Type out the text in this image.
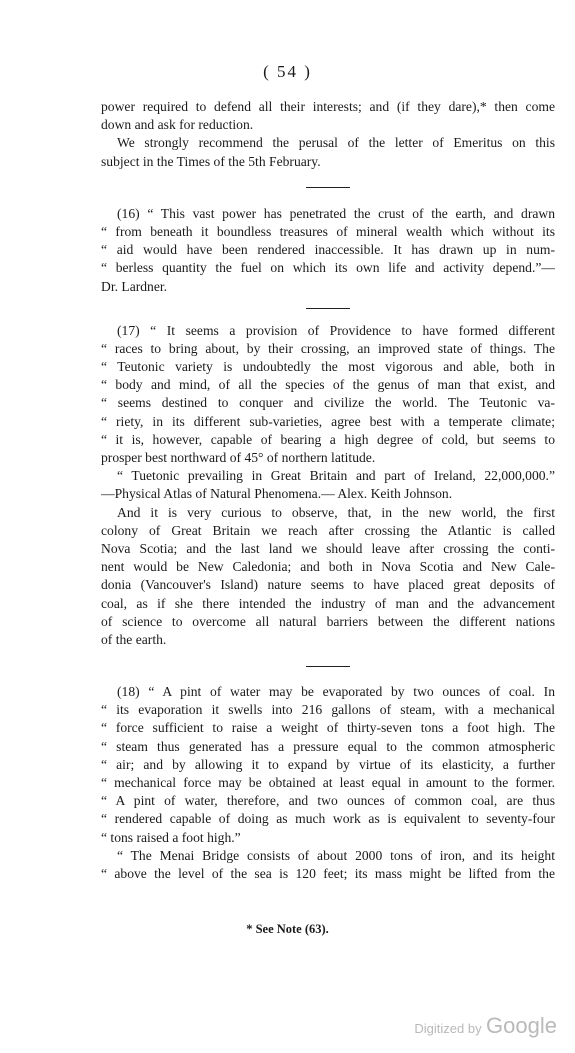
( 54 )
power required to defend all their interests; and (if they dare),* then come
down and ask for reduction.
We strongly recommend the perusal of the letter of Emeritus on this
subject in the Times of the 5th February.
(16) “ This vast power has penetrated the crust of the earth, and drawn
“ from beneath it boundless treasures of mineral wealth which without its
“ aid would have been rendered inaccessible. It has drawn up in num-
“ berless quantity the fuel on which its own life and activity depend.”—
Dr. Lardner.
(17) “ It seems a provision of Providence to have formed different
“ races to bring about, by their crossing, an improved state of things. The
“ Teutonic variety is undoubtedly the most vigorous and able, both in
“ body and mind, of all the species of the genus of man that exist, and
“ seems destined to conquer and civilize the world. The Teutonic va-
“ riety, in its different sub-varieties, agree best with a temperate climate;
“ it is, however, capable of bearing a high degree of cold, but seems to
prosper best northward of 45° of northern latitude.
“ Tuetonic prevailing in Great Britain and part of Ireland, 22,000,000.”
—Physical Atlas of Natural Phenomena.— Alex. Keith Johnson.
And it is very curious to observe, that, in the new world, the first
colony of Great Britain we reach after crossing the Atlantic is called
Nova Scotia; and the last land we should leave after crossing the conti-
nent would be New Caledonia; and both in Nova Scotia and New Cale-
donia (Vancouver's Island) nature seems to have placed great deposits of
coal, as if she there intended the industry of man and the advancement
of science to overcome all natural barriers between the different nations
of the earth.
(18) “ A pint of water may be evaporated by two ounces of coal. In
“ its evaporation it swells into 216 gallons of steam, with a mechanical
“ force sufficient to raise a weight of thirty-seven tons a foot high. The
“ steam thus generated has a pressure equal to the common atmospheric
“ air; and by allowing it to expand by virtue of its elasticity, a further
“ mechanical force may be obtained at least equal in amount to the former.
“ A pint of water, therefore, and two ounces of common coal, are thus
“ rendered capable of doing as much work as is equivalent to seventy-four
“ tons raised a foot high.”
“ The Menai Bridge consists of about 2000 tons of iron, and its height
“ above the level of the sea is 120 feet; its mass might be lifted from the
* See Note (63).
Digitized by Google
